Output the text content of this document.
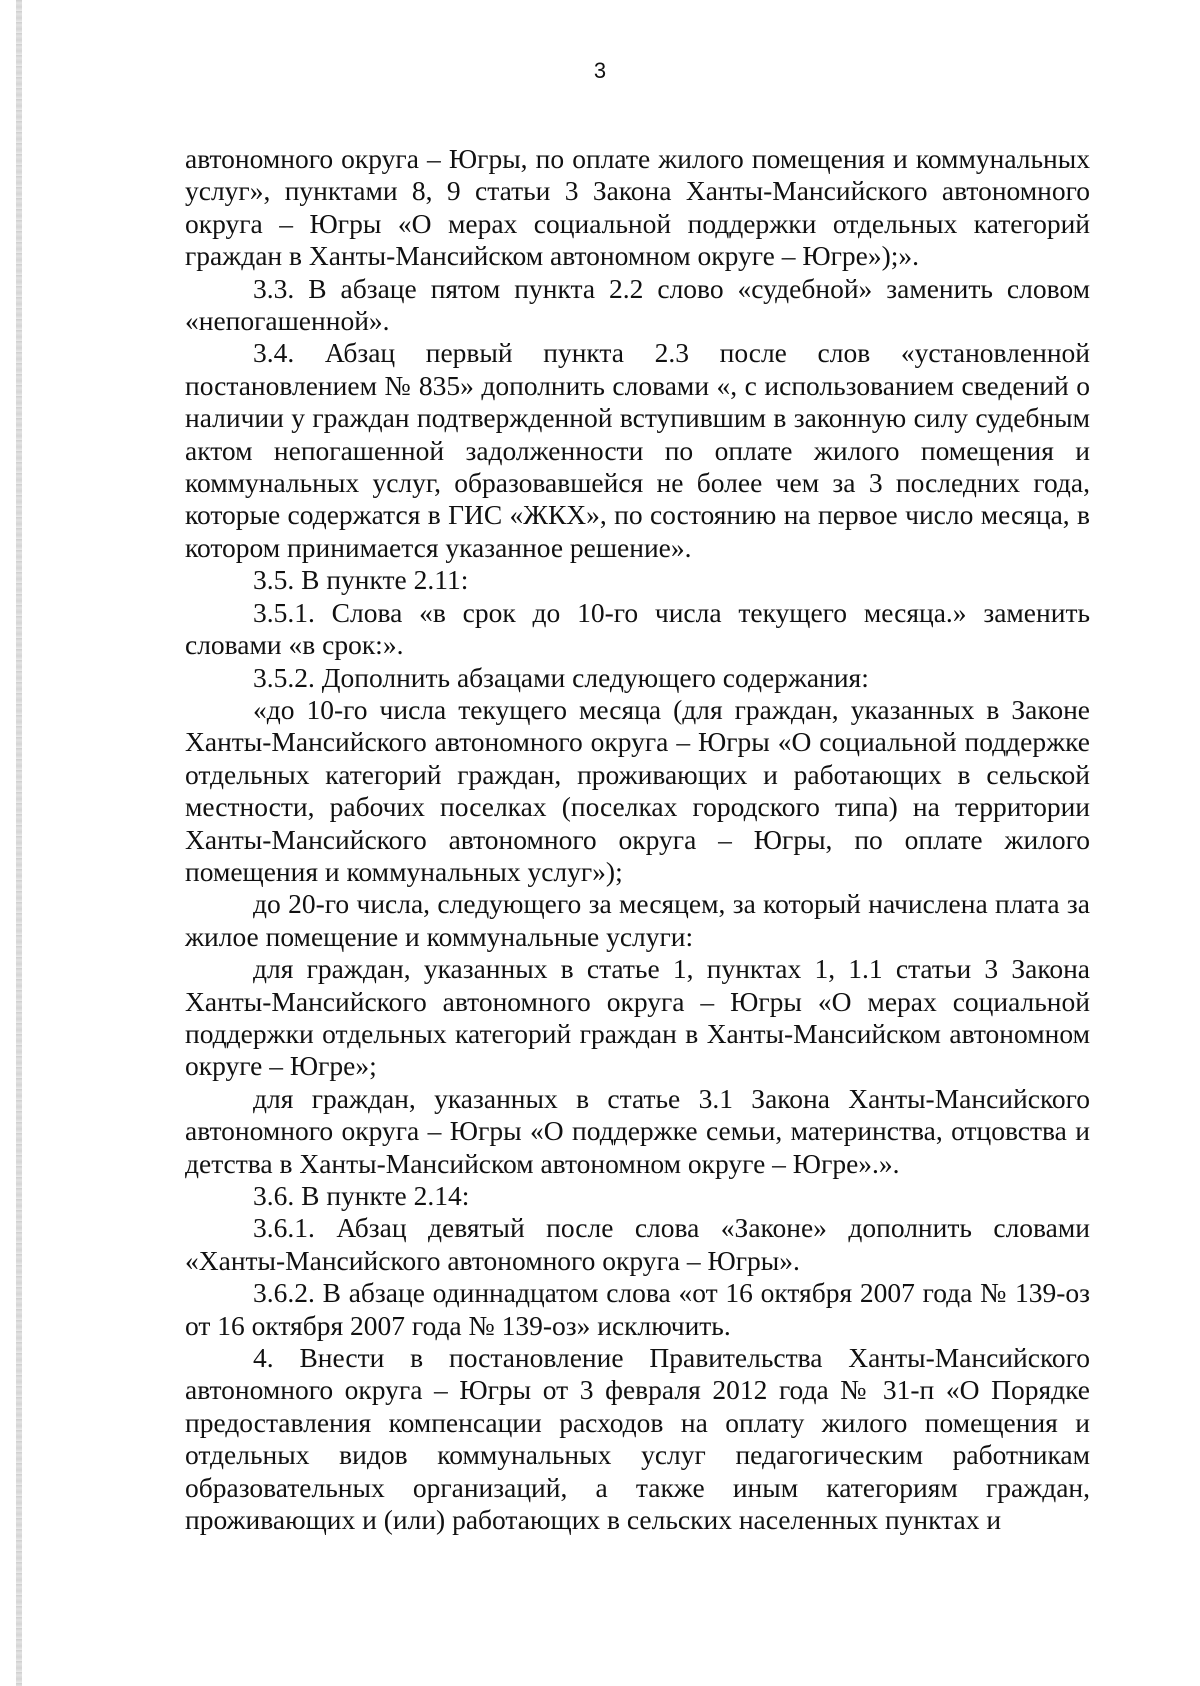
3

автономного округа – Югры, по оплате жилого помещения и коммунальных услуг», пунктами 8, 9 статьи 3 Закона Ханты-Мансийского автономного округа – Югры «О мерах социальной поддержки отдельных категорий граждан в Ханты-Мансийском автономном округе – Югре»);».

3.3. В абзаце пятом пункта 2.2 слово «судебной» заменить словом «непогашенной».

3.4. Абзац первый пункта 2.3 после слов «установленной постановлением № 835» дополнить словами «, с использованием сведений о наличии у граждан подтвержденной вступившим в законную силу судебным актом непогашенной задолженности по оплате жилого помещения и коммунальных услуг, образовавшейся не более чем за 3 последних года, которые содержатся в ГИС «ЖКХ», по состоянию на первое число месяца, в котором принимается указанное решение».

3.5. В пункте 2.11:

3.5.1. Слова «в срок до 10-го числа текущего месяца.» заменить словами «в срок:».

3.5.2. Дополнить абзацами следующего содержания:

«до 10-го числа текущего месяца (для граждан, указанных в Законе Ханты-Мансийского автономного округа – Югры «О социальной поддержке отдельных категорий граждан, проживающих и работающих в сельской местности, рабочих поселках (поселках городского типа) на территории Ханты-Мансийского автономного округа – Югры, по оплате жилого помещения и коммунальных услуг»);

до 20-го числа, следующего за месяцем, за который начислена плата за жилое помещение и коммунальные услуги:

для граждан, указанных в статье 1, пунктах 1, 1.1 статьи 3 Закона Ханты-Мансийского автономного округа – Югры «О мерах социальной поддержки отдельных категорий граждан в Ханты-Мансийском автономном округе – Югре»;

для граждан, указанных в статье 3.1 Закона Ханты-Мансийского автономного округа – Югры «О поддержке семьи, материнства, отцовства и детства в Ханты-Мансийском автономном округе – Югре».».

3.6. В пункте 2.14:

3.6.1. Абзац девятый после слова «Законе» дополнить словами «Ханты-Мансийского автономного округа – Югры».

3.6.2. В абзаце одиннадцатом слова «от 16 октября 2007 года № 139-оз от 16 октября 2007 года № 139-оз» исключить.

4. Внести в постановление Правительства Ханты-Мансийского автономного округа – Югры от 3 февраля 2012 года № 31-п «О Порядке предоставления компенсации расходов на оплату жилого помещения и отдельных видов коммунальных услуг педагогическим работникам образовательных организаций, а также иным категориям граждан, проживающих и (или) работающих в сельских населенных пунктах и
